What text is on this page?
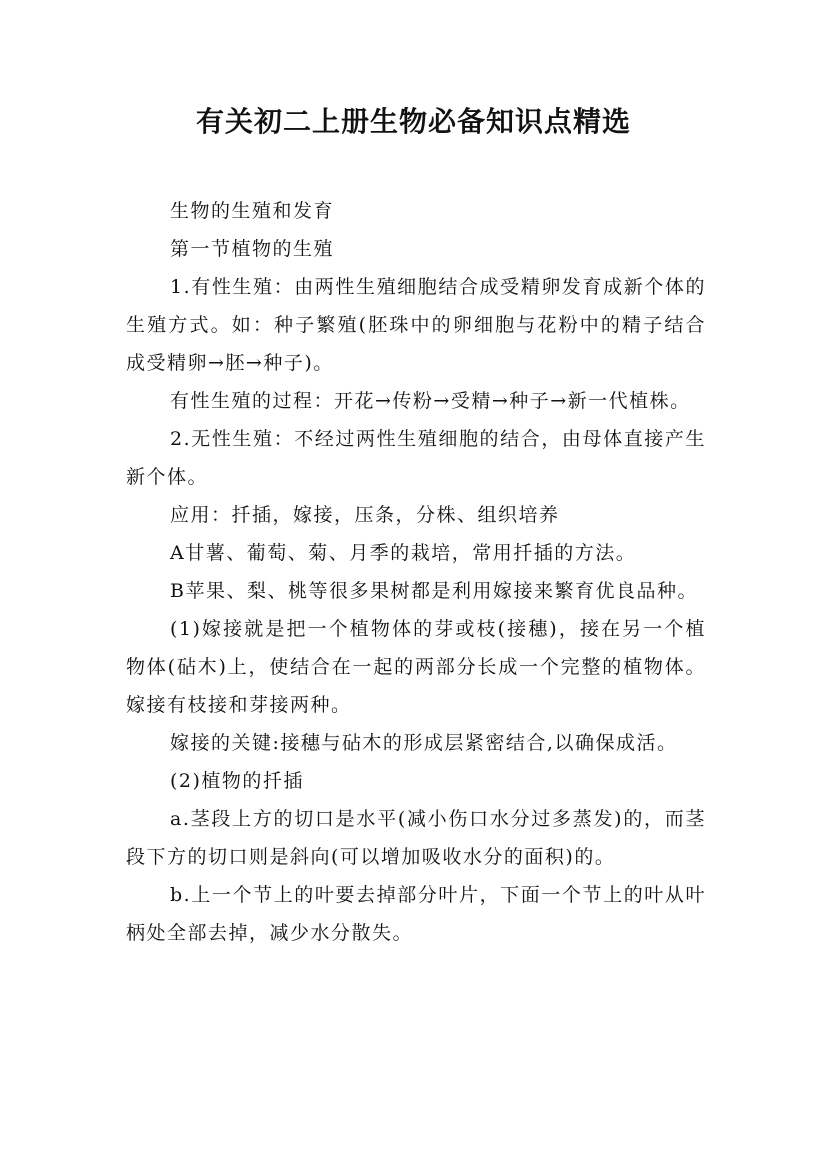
有关初二上册生物必备知识点精选

生物的生殖和发育

第一节植物的生殖

1.有性生殖：由两性生殖细胞结合成受精卵发育成新个体的生殖方式。如：种子繁殖(胚珠中的卵细胞与花粉中的精子结合成受精卵→胚→种子)。

有性生殖的过程：开花→传粉→受精→种子→新一代植株。

2.无性生殖：不经过两性生殖细胞的结合，由母体直接产生新个体。

应用：扦插，嫁接，压条，分株、组织培养

A甘薯、葡萄、菊、月季的栽培，常用扦插的方法。

B苹果、梨、桃等很多果树都是利用嫁接来繁育优良品种。

(1)嫁接就是把一个植物体的芽或枝(接穗)，接在另一个植物体(砧木)上，使结合在一起的两部分长成一个完整的植物体。嫁接有枝接和芽接两种。

嫁接的关键:接穗与砧木的形成层紧密结合,以确保成活。

(2)植物的扦插

a.茎段上方的切口是水平(减小伤口水分过多蒸发)的，而茎段下方的切口则是斜向(可以增加吸收水分的面积)的。

b.上一个节上的叶要去掉部分叶片，下面一个节上的叶从叶柄处全部去掉，减少水分散失。
